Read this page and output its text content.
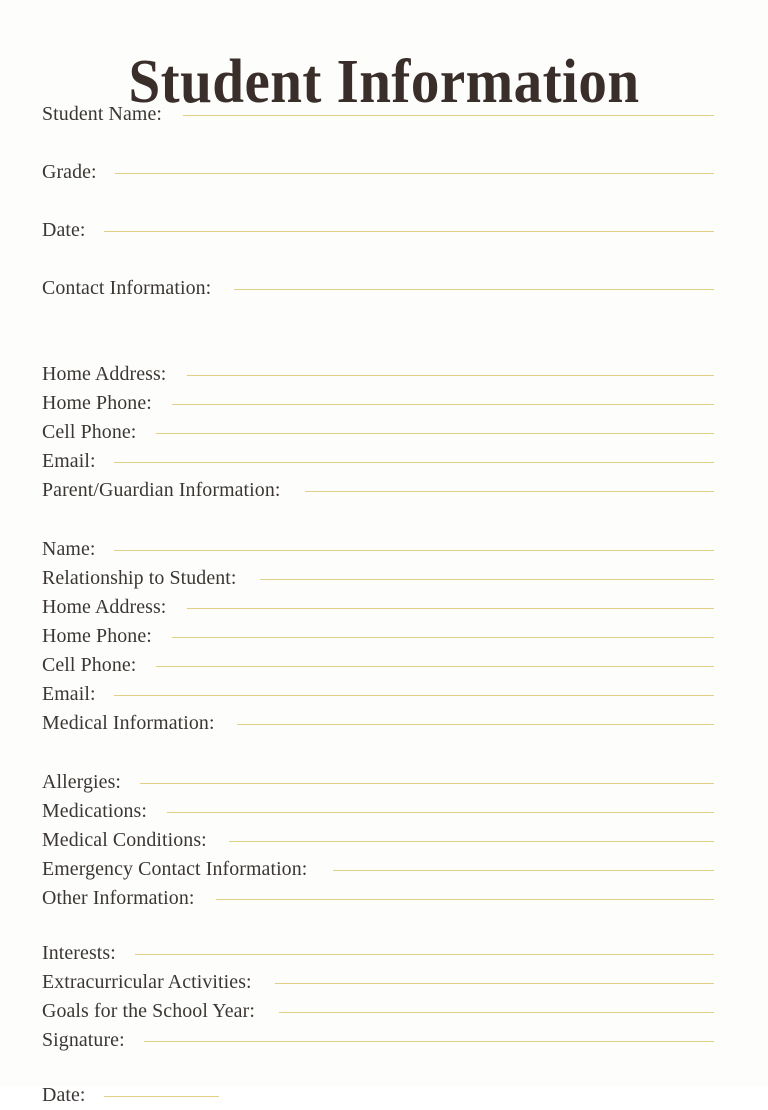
Student Information
Student Name:
Grade:
Date:
Contact Information:
Home Address:
Home Phone:
Cell Phone:
Email:
Parent/Guardian Information:
Name:
Relationship to Student:
Home Address:
Home Phone:
Cell Phone:
Email:
Medical Information:
Allergies:
Medications:
Medical Conditions:
Emergency Contact Information:
Other Information:
Interests:
Extracurricular Activities:
Goals for the School Year:
Signature:
Date:
